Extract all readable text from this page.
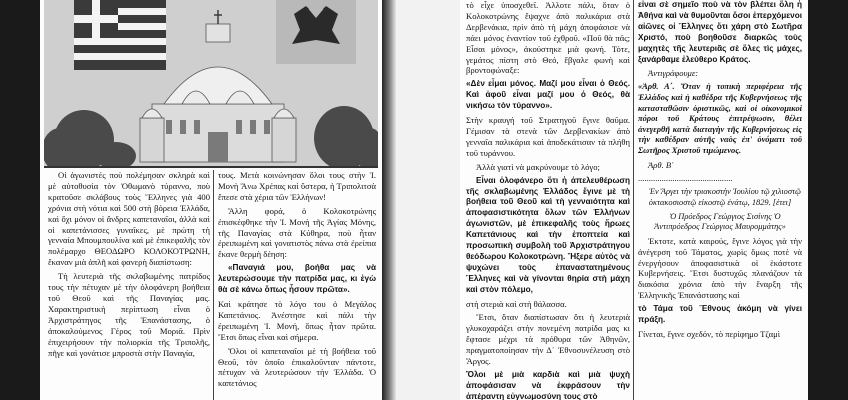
Οἱ ἀγωνιστές ποὺ πολέμησαν σκληρὰ καὶ μὲ αὐτοθυσία τὸν Ὀθωμανὸ τύραννο, ποὺ κρατοῦσε σκλάβους τοὺς Ἕλληνες γιὰ 400 χρόνια στὴ νότια καὶ 500 στὴ βόρεια Ἑλλάδα, καὶ ὄχι μόνον οἱ ἄνδρες καπεταναῖοι, ἀλλὰ καὶ οἱ καπετάνισσες γυναῖκες, μὲ πρώτη τὴ γενναία Μπουμπουλίνα καὶ μὲ ἐπικεφαλῆς τὸν πολέμαρχο ΘΕΟΔΩΡΟ ΚΟΛΟΚΟΤΡΩΝΗ, ἔκαναν μιὰ ἀπλῆ καὶ φανερὴ διαπίστωση:

Τὴ λευτεριὰ τῆς σκλαβωμένης πατρίδος τους τὴν πέτυχαν μὲ τὴν ὁλοφάνερη βοήθεια τοῦ Θεοῦ καὶ τῆς Παναγίας μας. Χαρακτηριστικὴ περίπτωση εἶναι ὁ Ἀρχιστράτηγος τῆς Ἐπανάστασης, ὁ ἀποκαλούμενος Γέρος τοῦ Μοριᾶ. Πρὶν ἐπιχειρήσουν τὴν πολιορκία τῆς Τριπολῆς, πῆγε καὶ γονάτισε μπροστὰ στὴν Παναγία,

τους. Μετὰ κοινώνησαν ὅλοι τους στὴν Ἱ. Μονὴ Ἄνω Χρέπας καὶ ὕστερα, ἡ Τριπολιτσὰ ἔπεσε στὰ χέρια τῶν Ἑλλήνων!

Ἄλλη φορά, ὁ Κολοκοτρώνης ἐπισκέφθηκε τὴν Ἱ. Μονὴ τῆς Ἁγίας Μόνης, τῆς Παναγίας στὰ Κύθηρα, ποὺ ἦταν ἐρειπωμένη καὶ γονατιστὸς πάνω στὰ ἐρείπια ἔκανε θερμὴ δέηση:

«Παναγιά μου, βοήθα μας νὰ λευτερώσουμε τὴν πατρίδα μας, κι ἐγὼ θὰ σὲ κάνω ὅπως ἦσουν πρῶτα».

Καὶ κράτησε τὸ λόγο του ὁ Μεγάλος Καπετάνιος. Ἀνέστησε καὶ πάλι τὴν ἐρειπωμένη Ἱ. Μονή, ὅπως ἦταν πρῶτα. Ἔτσι ὅπως εἶναι καὶ σήμερα.

Ὅλοι οἱ καπεταναῖοι μὲ τὴ βοήθεια τοῦ Θεοῦ, τὸν ὁποῖο ἐπικαλοῦνταν πάντοτε, πέτυχαν νὰ λευτερώσουν τὴν Ἑλλάδα. Ὁ καπετάνιος

τὸ εἶχε ὑποσχεθεῖ. Ἀλλοτε πάλι, ὅταν ὁ Κολοκοτρώνης ἔψαχνε ἀπὸ παλικάρια στὰ Δερβενάκια, πρὶν ἀπὸ τὴ μάχη ἀποφάσισε νὰ πάει μόνος ἐναντίον τοῦ ἐχθροῦ. «Ποῦ θὰ πᾶς; Εἶσαι μόνος», ἀκούστηκε μιὰ φωνή. Τότε, γεμάτος πίστη στὸ Θεό, ἔβγαλε φωνὴ καὶ βροντοφώναξε:

«Δὲν εἶμαι μόνος. Μαζί μου εἶναι ὁ Θεός. Καὶ ἀφοῦ εἶναι μαζί μου ὁ Θεός, θὰ νικήσω τὸν τύραννο».

Στὴν κραυγή τοῦ Στρατηγοῦ ἔγινε θαῦμα. Γέμισαν τὰ στενὰ τῶν Δερβενακίων ἀπὸ γενναῖα παλικάρια καὶ ἀποδεκάτισαν τὰ πλήθη τοῦ τυράννου.

Ἀλλὰ γιατὶ νὰ μακρύνουμε τὸ λόγο;

Εἶναι ὁλοφάνερο ὅτι ἡ ἀπελευθέρωση τῆς σκλαβωμένης Ἑλλάδος ἔγινε μὲ τὴ βοήθεια τοῦ Θεοῦ καὶ τὴ γενναιότητα καὶ ἀποφασιστικότητα ὅλων τῶν Ἑλλήνων ἀγωνιστῶν, μὲ ἐπικεφαλῆς τοὺς ἥρωες Καπετάνιους καὶ τὴν ἐποπτεία καὶ προσωπικὴ συμβολὴ τοῦ Ἀρχιστράτηγου θεόδωρου Κολοκοτρώνη. Ἤξερε αὐτὸς νὰ ψυχώνει τοὺς ἐπαναστατημένους Ἕλληνες καὶ νὰ γίνονται θηρία στὴ μάχη καὶ στὸν πόλεμο,

στὴ στεριὰ καὶ στὴ θάλασσα.

Ἔτσι, ὅταν διαπίστωσαν ὅτι ἡ λευτεριὰ γλυκοχαράζει στὴν πονεμένη πατρίδα μας κι ἔφτασε μέχρι τὰ πρόθυρα τῶν Ἀθηνῶν, πραγματοποίησαν τὴν Δ΄ Ἐθνοσυνέλευση στὸ Ἄργος.

Ὅλοι μὲ μιὰ καρδιὰ καὶ μιὰ ψυχὴ ἀποφάσισαν νὰ ἐκφράσουν τὴν ἀπέραντη εὐγνωμοσύνη τους στὸ

εἶναι σὲ σημεῖο ποὺ νὰ τὸν βλέπει ὅλη ἡ Ἀθήνα καὶ νὰ θυμοῦνται ὅσοι ἐπερχόμενοι αἰῶνες οἱ Ἕλληνες ὅτι χάρη στὸ Σωτῆρα Χριστό, ποὺ βοηθοῦσε διαρκῶς τοὺς μαχητὲς τῆς λευτεριᾶς σὲ ὅλες τὶς μάχες, ξανάρθαμε ἐλεύθερο Κράτος.

Ἀντιγράφουμε:

«Ἀρθ. Α΄. Ὅταν ἡ τοπικὴ περιφέρεια τῆς Ἑλλάδος καὶ ἡ καθέδρα τῆς Κυβερνήσεως τῆς κατασταθῶσιν ὁριστικῶς, καὶ οἱ οἰκονομικοὶ πόροι τοῦ Κράτους ἐπιτρέψωσιν, θέλει ἀνεγερθῆ κατὰ διαταγὴν τῆς Κυβερνήσεως εἰς τὴν καθέδραν αὐτῆς ναὸς ἐπ' ὀνόματι τοῦ Σωτῆρος Χριστοῦ τιμώμενος.

Ἀρθ. Β΄

............................................

Ἐν Ἄργει τὴν τριακοστὴν Ἰουλίου τῷ χιλιοστῷ ὀκτακοσιοστῷ εἰκοστῷ ἐνάτῳ, 1829. [ἐτει]

Ὁ Πρόεδρος Γεώργιος Σισίνης Ὁ Ἀντιπρόεδρος Γεώργιος Μαυρομμάτης»

Ἐκτοτε, κατὰ καιρούς, ἔγινε λόγος γιὰ τὴν ἀνέγερση τοῦ Τάματος, χωρὶς ὅμως ποτὲ νὰ ἐνεργήσουν ἀποφασιστικὰ οἱ ἑκάστοτε Κυβερνήσεις. Ἔτσι δυστυχῶς πλανάζουν τὰ διακόσια χρόνια ἀπὸ τὴν ἔναρξη τῆς Ἑλληνικῆς Ἐπανάστασης καὶ

τὸ Τάμα τοῦ Ἔθνους ἀκόμη νὰ γίνει πράξη.

Γίνεται, ἔγινε σχεδόν, τὸ περίφημο Τζαμὶ
